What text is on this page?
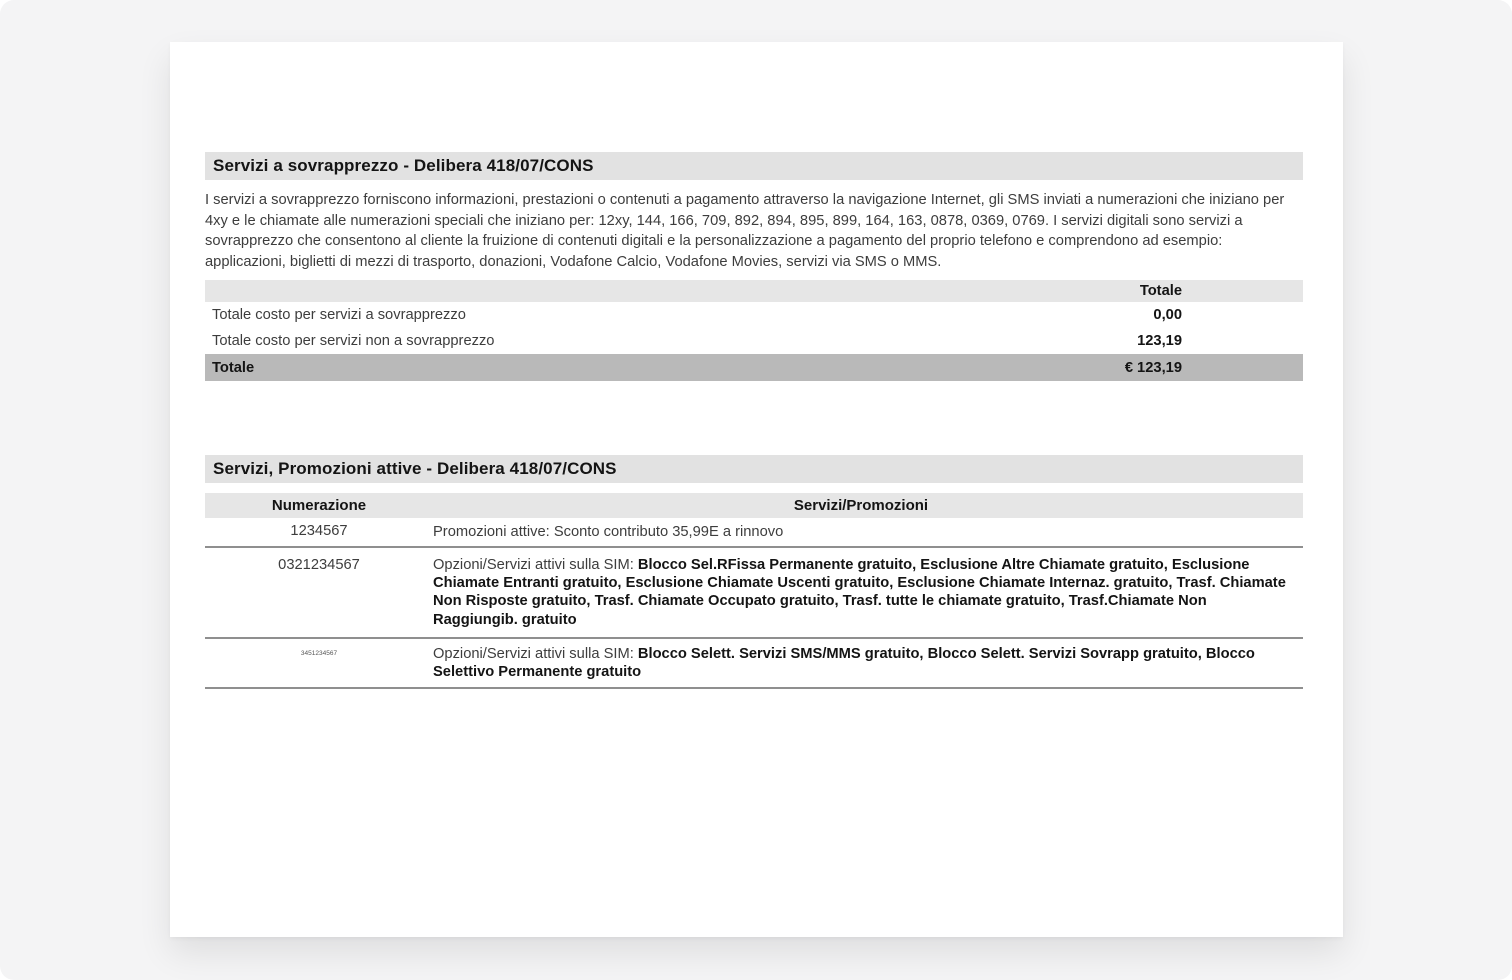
Servizi a sovrapprezzo - Delibera 418/07/CONS

I servizi a sovrapprezzo forniscono informazioni, prestazioni o contenuti a pagamento attraverso la navigazione Internet, gli SMS inviati a numerazioni che iniziano per 4xy e le chiamate alle numerazioni speciali che iniziano per: 12xy, 144, 166, 709, 892, 894, 895, 899, 164, 163, 0878, 0369, 0769. I servizi digitali sono servizi a sovrapprezzo che consentono al cliente la fruizione di contenuti digitali e la personalizzazione a pagamento del proprio telefono e comprendono ad esempio: applicazioni, biglietti di mezzi di trasporto, donazioni, Vodafone Calcio, Vodafone Movies, servizi via SMS o MMS.

Totale
Totale costo per servizi a sovrapprezzo	0,00
Totale costo per servizi non a sovrapprezzo	123,19
Totale	€ 123,19
Servizi, Promozioni attive - Delibera 418/07/CONS
Numerazione	Servizi/Promozioni
1234567	Promozioni attive: Sconto contributo 35,99E a rinnovo
0321234567	Opzioni/Servizi attivi sulla SIM: Blocco Sel.RFissa Permanente gratuito, Esclusione Altre Chiamate gratuito, Esclusione Chiamate Entranti gratuito, Esclusione Chiamate Uscenti gratuito, Esclusione Chiamate Internaz. gratuito, Trasf. Chiamate Non Risposte gratuito, Trasf. Chiamate Occupato gratuito, Trasf. tutte le chiamate gratuito, Trasf.Chiamate Non Raggiungib. gratuito
3451234567	Opzioni/Servizi attivi sulla SIM: Blocco Selett. Servizi SMS/MMS gratuito, Blocco Selett. Servizi Sovrapp gratuito, Blocco Selettivo Permanente gratuito
